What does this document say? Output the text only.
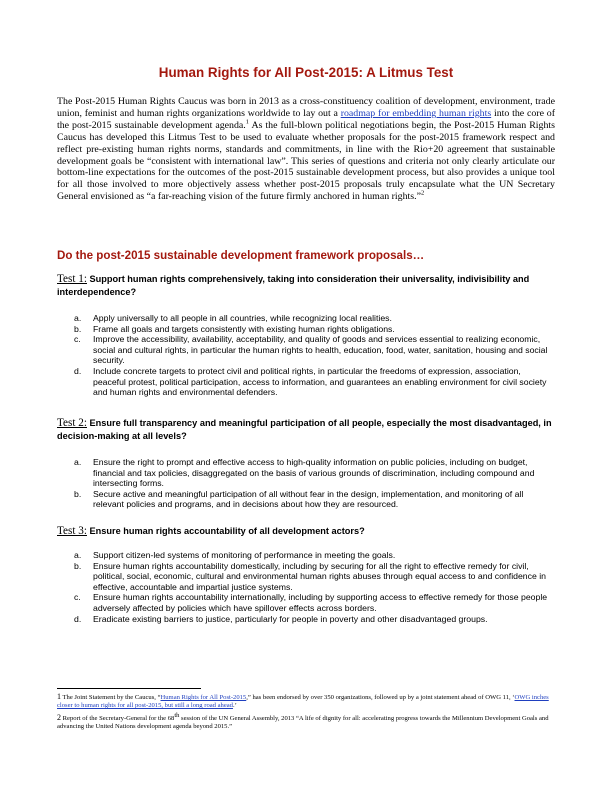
Human Rights for All Post-2015: A Litmus Test

The Post-2015 Human Rights Caucus was born in 2013 as a cross-constituency coalition of development, environment, trade union, feminist and human rights organizations worldwide to lay out a roadmap for embedding human rights into the core of the post-2015 sustainable development agenda.$^1$ As the full-blown political negotiations begin, the Post-2015 Human Rights Caucus has developed this Litmus Test to be used to evaluate whether proposals for the post-2015 framework respect and reflect pre-existing human rights norms, standards and commitments, in line with the Rio+20 agreement that sustainable development goals be “consistent with international law”. This series of questions and criteria not only clearly articulate our bottom-line expectations for the outcomes of the post-2015 sustainable development process, but also provides a unique tool for all those involved to more objectively assess whether post-2015 proposals truly encapsulate what the UN Secretary General envisioned as “a far-reaching vision of the future firmly anchored in human rights.”$^2$

Do the post-2015 sustainable development framework proposals…

Test 1: Support human rights comprehensively, taking into consideration their universality, indivisibility and interdependence?

a. Apply universally to all people in all countries, while recognizing local realities.
b. Frame all goals and targets consistently with existing human rights obligations.
c. Improve the accessibility, availability, acceptability, and quality of goods and services essential to realizing economic, social and cultural rights, in particular the human rights to health, education, food, water, sanitation, housing and social security.
d. Include concrete targets to protect civil and political rights, in particular the freedoms of expression, association, peaceful protest, political participation, access to information, and guarantees an enabling environment for civil society and human rights and environmental defenders.

Test 2: Ensure full transparency and meaningful participation of all people, especially the most disadvantaged, in decision-making at all levels?

a. Ensure the right to prompt and effective access to high-quality information on public policies, including on budget, financial and tax policies, disaggregated on the basis of various grounds of discrimination, including compound and intersecting forms.
b. Secure active and meaningful participation of all without fear in the design, implementation, and monitoring of all relevant policies and programs, and in decisions about how they are resourced.

Test 3: Ensure human rights accountability of all development actors?

a. Support citizen-led systems of monitoring of performance in meeting the goals.
b. Ensure human rights accountability domestically, including by securing for all the right to effective remedy for civil, political, social, economic, cultural and environmental human rights abuses through equal access to and confidence in effective, accountable and impartial justice systems.
c. Ensure human rights accountability internationally, including by supporting access to effective remedy for those people adversely affected by policies which have spillover effects across borders.
d. Eradicate existing barriers to justice, particularly for people in poverty and other disadvantaged groups.

1 The Joint Statement by the Caucus, “Human Rights for All Post-2015,” has been endorsed by over 350 organizations, followed up by a joint statement ahead of OWG 11, ‘OWG inches closer to human rights for all post-2015, but still a long road ahead.’

2 Report of the Secretary-General for the 68th session of the UN General Assembly, 2013 “A life of dignity for all: accelerating progress towards the Millennium Development Goals and advancing the United Nations development agenda beyond 2015.”
